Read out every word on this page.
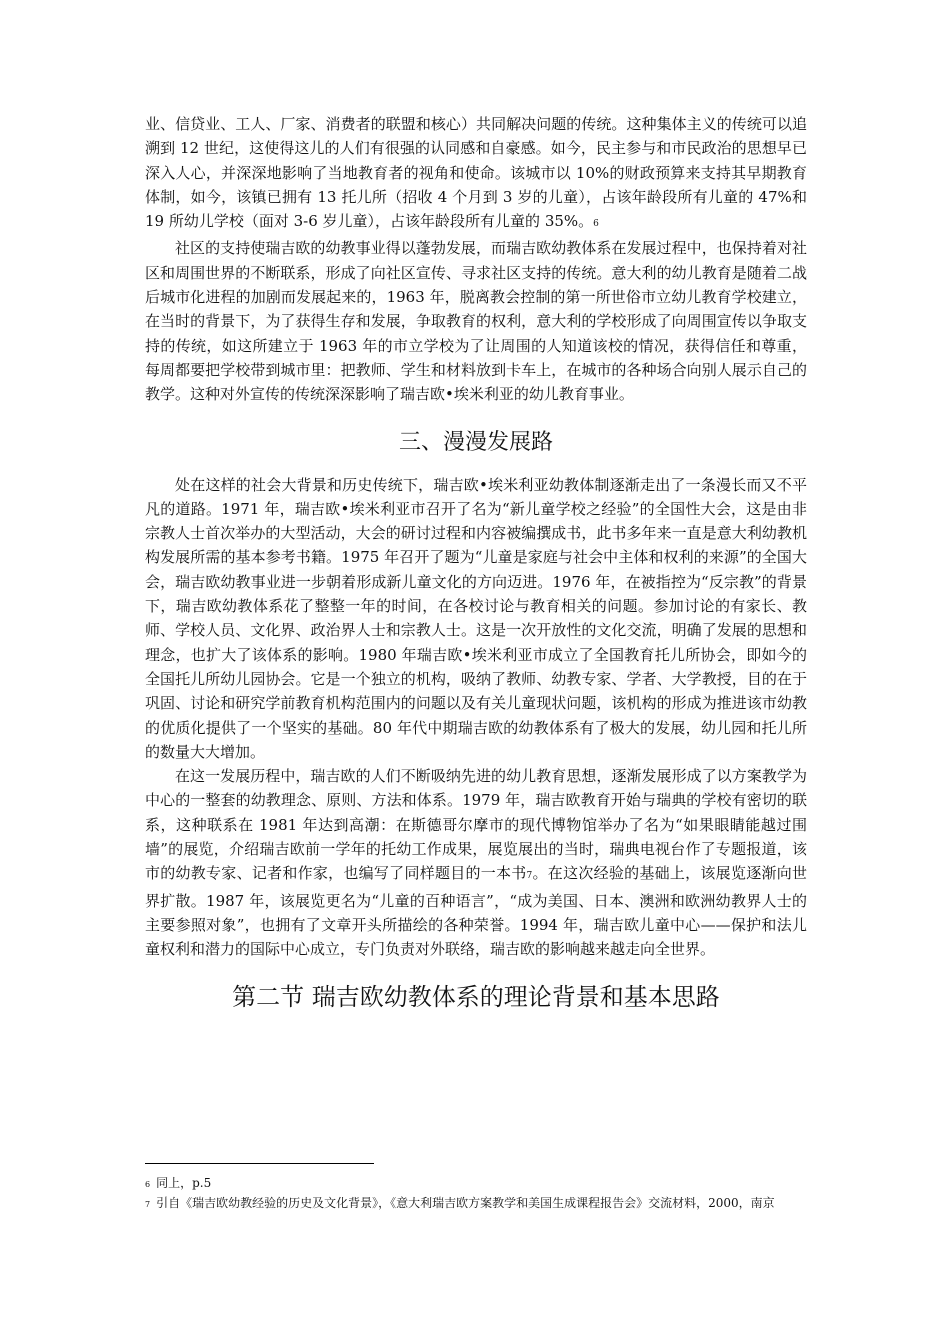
业、信贷业、工人、厂家、消费者的联盟和核心）共同解决问题的传统。这种集体主义的传统可以追溯到 12 世纪，这使得这儿的人们有很强的认同感和自豪感。如今，民主参与和市民政治的思想早已深入人心，并深深地影响了当地教育者的视角和使命。该城市以 10%的财政预算来支持其早期教育体制，如今，该镇已拥有 13 托儿所（招收 4 个月到 3 岁的儿童），占该年龄段所有儿童的 47%和 19 所幼儿学校（面对 3-6 岁儿童），占该年龄段所有儿童的 35%。6

社区的支持使瑞吉欧的幼教事业得以蓬勃发展，而瑞吉欧幼教体系在发展过程中，也保持着对社区和周围世界的不断联系，形成了向社区宣传、寻求社区支持的传统。意大利的幼儿教育是随着二战后城市化进程的加剧而发展起来的，1963 年，脱离教会控制的第一所世俗市立幼儿教育学校建立，在当时的背景下，为了获得生存和发展，争取教育的权利，意大利的学校形成了向周围宣传以争取支持的传统，如这所建立于 1963 年的市立学校为了让周围的人知道该校的情况，获得信任和尊重，每周都要把学校带到城市里：把教师、学生和材料放到卡车上，在城市的各种场合向别人展示自己的教学。这种对外宣传的传统深深影响了瑞吉欧•埃米利亚的幼儿教育事业。

三、漫漫发展路

处在这样的社会大背景和历史传统下，瑞吉欧•埃米利亚幼教体制逐渐走出了一条漫长而又不平凡的道路。1971 年，瑞吉欧•埃米利亚市召开了名为“新儿童学校之经验”的全国性大会，这是由非宗教人士首次举办的大型活动，大会的研讨过程和内容被编撰成书，此书多年来一直是意大利幼教机构发展所需的基本参考书籍。1975 年召开了题为“儿童是家庭与社会中主体和权利的来源”的全国大会，瑞吉欧幼教事业进一步朝着形成新儿童文化的方向迈进。1976 年，在被指控为“反宗教”的背景下，瑞吉欧幼教体系花了整整一年的时间，在各校讨论与教育相关的问题。参加讨论的有家长、教师、学校人员、文化界、政治界人士和宗教人士。这是一次开放性的文化交流，明确了发展的思想和理念，也扩大了该体系的影响。1980 年瑞吉欧•埃米利亚市成立了全国教育托儿所协会，即如今的全国托儿所幼儿园协会。它是一个独立的机构，吸纳了教师、幼教专家、学者、大学教授，目的在于巩固、讨论和研究学前教育机构范围内的问题以及有关儿童现状问题，该机构的形成为推进该市幼教的优质化提供了一个坚实的基础。80 年代中期瑞吉欧的幼教体系有了极大的发展，幼儿园和托儿所的数量大大增加。

在这一发展历程中，瑞吉欧的人们不断吸纳先进的幼儿教育思想，逐渐发展形成了以方案教学为中心的一整套的幼教理念、原则、方法和体系。1979 年，瑞吉欧教育开始与瑞典的学校有密切的联系，这种联系在 1981 年达到高潮：在斯德哥尔摩市的现代博物馆举办了名为“如果眼睛能越过围墙”的展览，介绍瑞吉欧前一学年的托幼工作成果，展览展出的当时，瑞典电视台作了专题报道，该市的幼教专家、记者和作家，也编写了同样题目的一本书7。在这次经验的基础上，该展览逐渐向世界扩散。1987 年，该展览更名为“儿童的百种语言”，“成为美国、日本、澳洲和欧洲幼教界人士的主要参照对象”，也拥有了文章开头所描绘的各种荣誉。1994 年，瑞吉欧儿童中心——保护和法儿童权利和潜力的国际中心成立，专门负责对外联络，瑞吉欧的影响越来越走向全世界。

第二节 瑞吉欧幼教体系的理论背景和基本思路

6 同上，p.5

7 引自《瑞吉欧幼教经验的历史及文化背景》，《意大利瑞吉欧方案教学和美国生成课程报告会》交流材料，2000，南京
